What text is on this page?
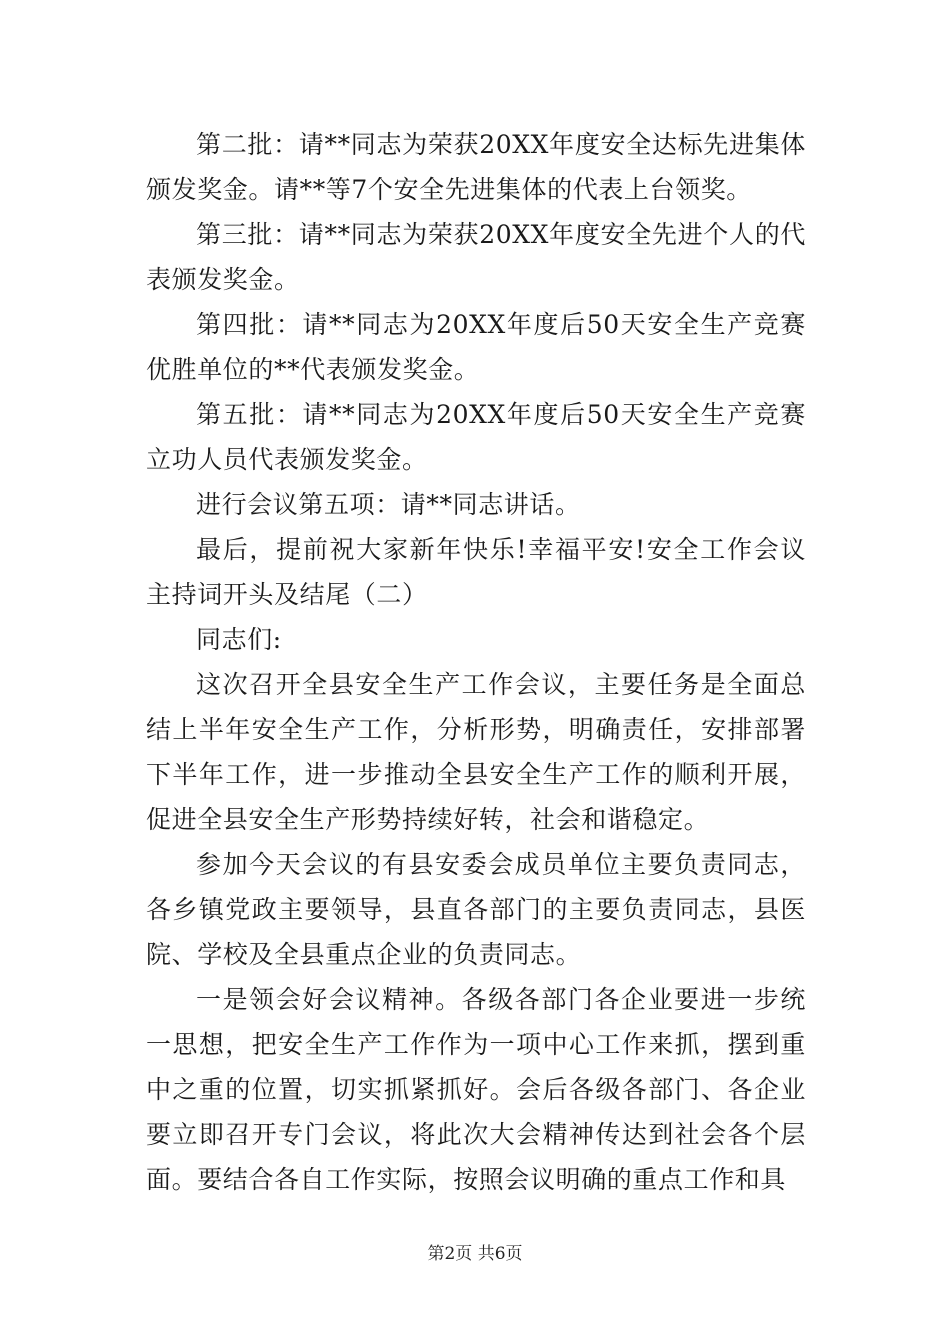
第二批：请**同志为荣获20XX年度安全达标先进集体颁发奖金。请**等7个安全先进集体的代表上台领奖。

第三批：请**同志为荣获20XX年度安全先进个人的代表颁发奖金。

第四批：请**同志为20XX年度后50天安全生产竞赛优胜单位的**代表颁发奖金。

第五批：请**同志为20XX年度后50天安全生产竞赛立功人员代表颁发奖金。

进行会议第五项：请**同志讲话。

最后，提前祝大家新年快乐!幸福平安!安全工作会议主持词开头及结尾（二）

同志们:

这次召开全县安全生产工作会议，主要任务是全面总结上半年安全生产工作，分析形势，明确责任，安排部署下半年工作，进一步推动全县安全生产工作的顺利开展，促进全县安全生产形势持续好转，社会和谐稳定。

参加今天会议的有县安委会成员单位主要负责同志，各乡镇党政主要领导，县直各部门的主要负责同志，县医院、学校及全县重点企业的负责同志。

一是领会好会议精神。各级各部门各企业要进一步统一思想，把安全生产工作作为一项中心工作来抓，摆到重中之重的位置，切实抓紧抓好。会后各级各部门、各企业要立即召开专门会议，将此次大会精神传达到社会各个层面。要结合各自工作实际，按照会议明确的重点工作和具

第2页 共6页
